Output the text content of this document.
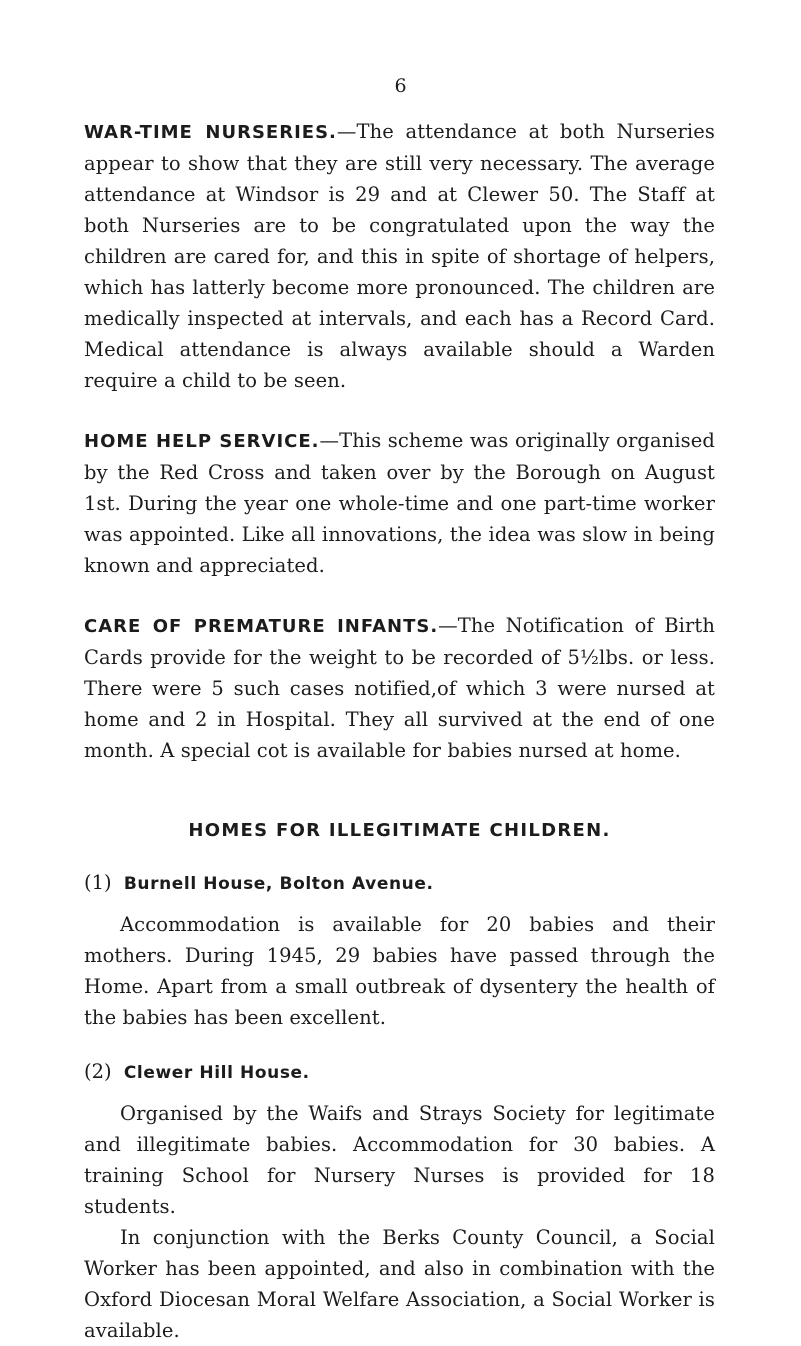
6

WAR-TIME NURSERIES.—The attendance at both Nurseries appear to show that they are still very necessary. The average attendance at Windsor is 29 and at Clewer 50. The Staff at both Nurseries are to be congratulated upon the way the children are cared for, and this in spite of shortage of helpers, which has latterly become more pronounced. The children are medically inspected at intervals, and each has a Record Card. Medical attendance is always available should a Warden require a child to be seen.

HOME HELP SERVICE.—This scheme was originally organised by the Red Cross and taken over by the Borough on August 1st. During the year one whole-time and one part-time worker was appointed. Like all innovations, the idea was slow in being known and appreciated.

CARE OF PREMATURE INFANTS.—The Notification of Birth Cards provide for the weight to be recorded of 5½lbs. or less. There were 5 such cases notified,of which 3 were nursed at home and 2 in Hospital. They all survived at the end of one month. A special cot is available for babies nursed at home.

HOMES FOR ILLEGITIMATE CHILDREN.
(1) Burnell House, Bolton Avenue.

Accommodation is available for 20 babies and their mothers. During 1945, 29 babies have passed through the Home. Apart from a small outbreak of dysentery the health of the babies has been excellent.

(2) Clewer Hill House.

Organised by the Waifs and Strays Society for legitimate and illegitimate babies. Accommodation for 30 babies. A training School for Nursery Nurses is provided for 18 students.

In conjunction with the Berks County Council, a Social Worker has been appointed, and also in combination with the Oxford Diocesan Moral Welfare Association, a Social Worker is available.
